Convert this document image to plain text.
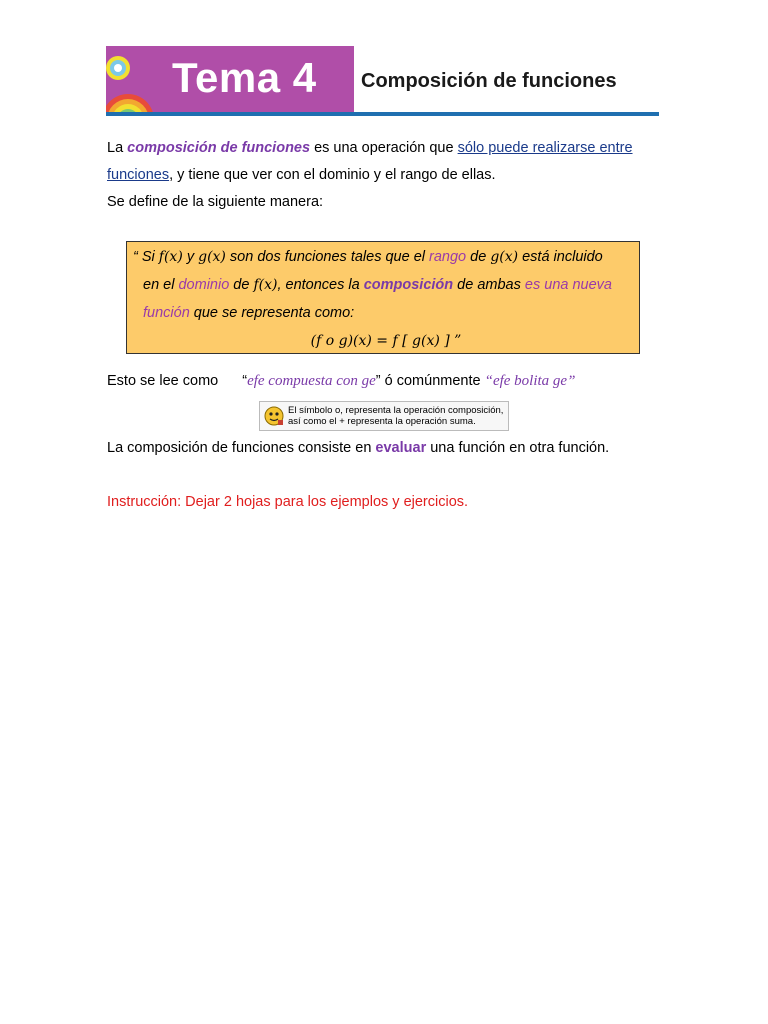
Tema 4 Composición de funciones
La composición de funciones es una operación que sólo puede realizarse entre
funciones, y tiene que ver con el dominio y el rango de ellas.
Se define de la siguiente manera:
“ Si f(x) y g(x) son dos funciones tales que el rango de g(x) está incluido
en el dominio de f(x), entonces la composición de ambas es una nueva
función que se representa como:
(f o g)(x) = f [ g(x) ] ”
Esto se lee como “efe compuesta con ge” ó comúnmente “efe bolita ge”
El símbolo o, representa la operación composición,
así como el + representa la operación suma.
La composición de funciones consiste en evaluar una función en otra función.
Instrucción: Dejar 2 hojas para los ejemplos y ejercicios.
